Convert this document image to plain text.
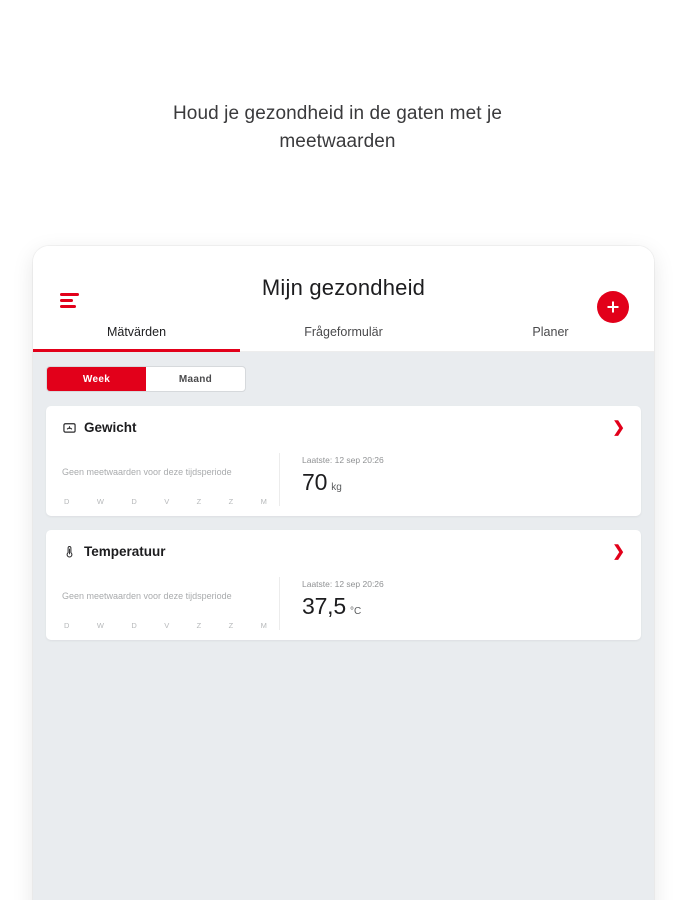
Houd je gezondheid in de gaten met je
meetwaarden
Mijn gezondheid
Mätvärden	Frågeformulär	Planer
Week	Maand
❯
Gewicht
Geen meetwaarden voor deze tijdsperiode
D	W	D	V	Z	Z	M
Laatste: 12 sep 20:26
70 kg
❯
Temperatuur
Geen meetwaarden voor deze tijdsperiode
D	W	D	V	Z	Z	M
Laatste: 12 sep 20:26
37,5 °C
